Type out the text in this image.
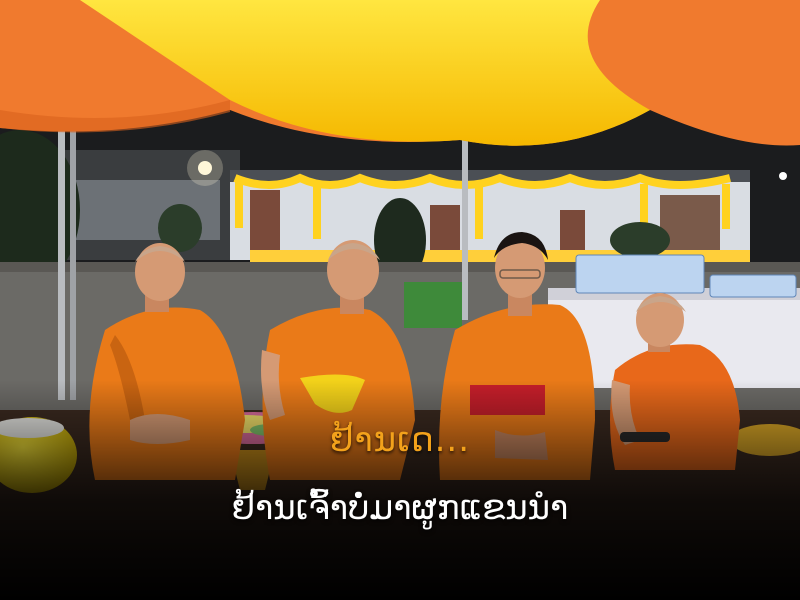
ຢ້ານເດ...
ຢ້ານເຈົ້າບໍ່ມາຜູກແຂນນຳ
